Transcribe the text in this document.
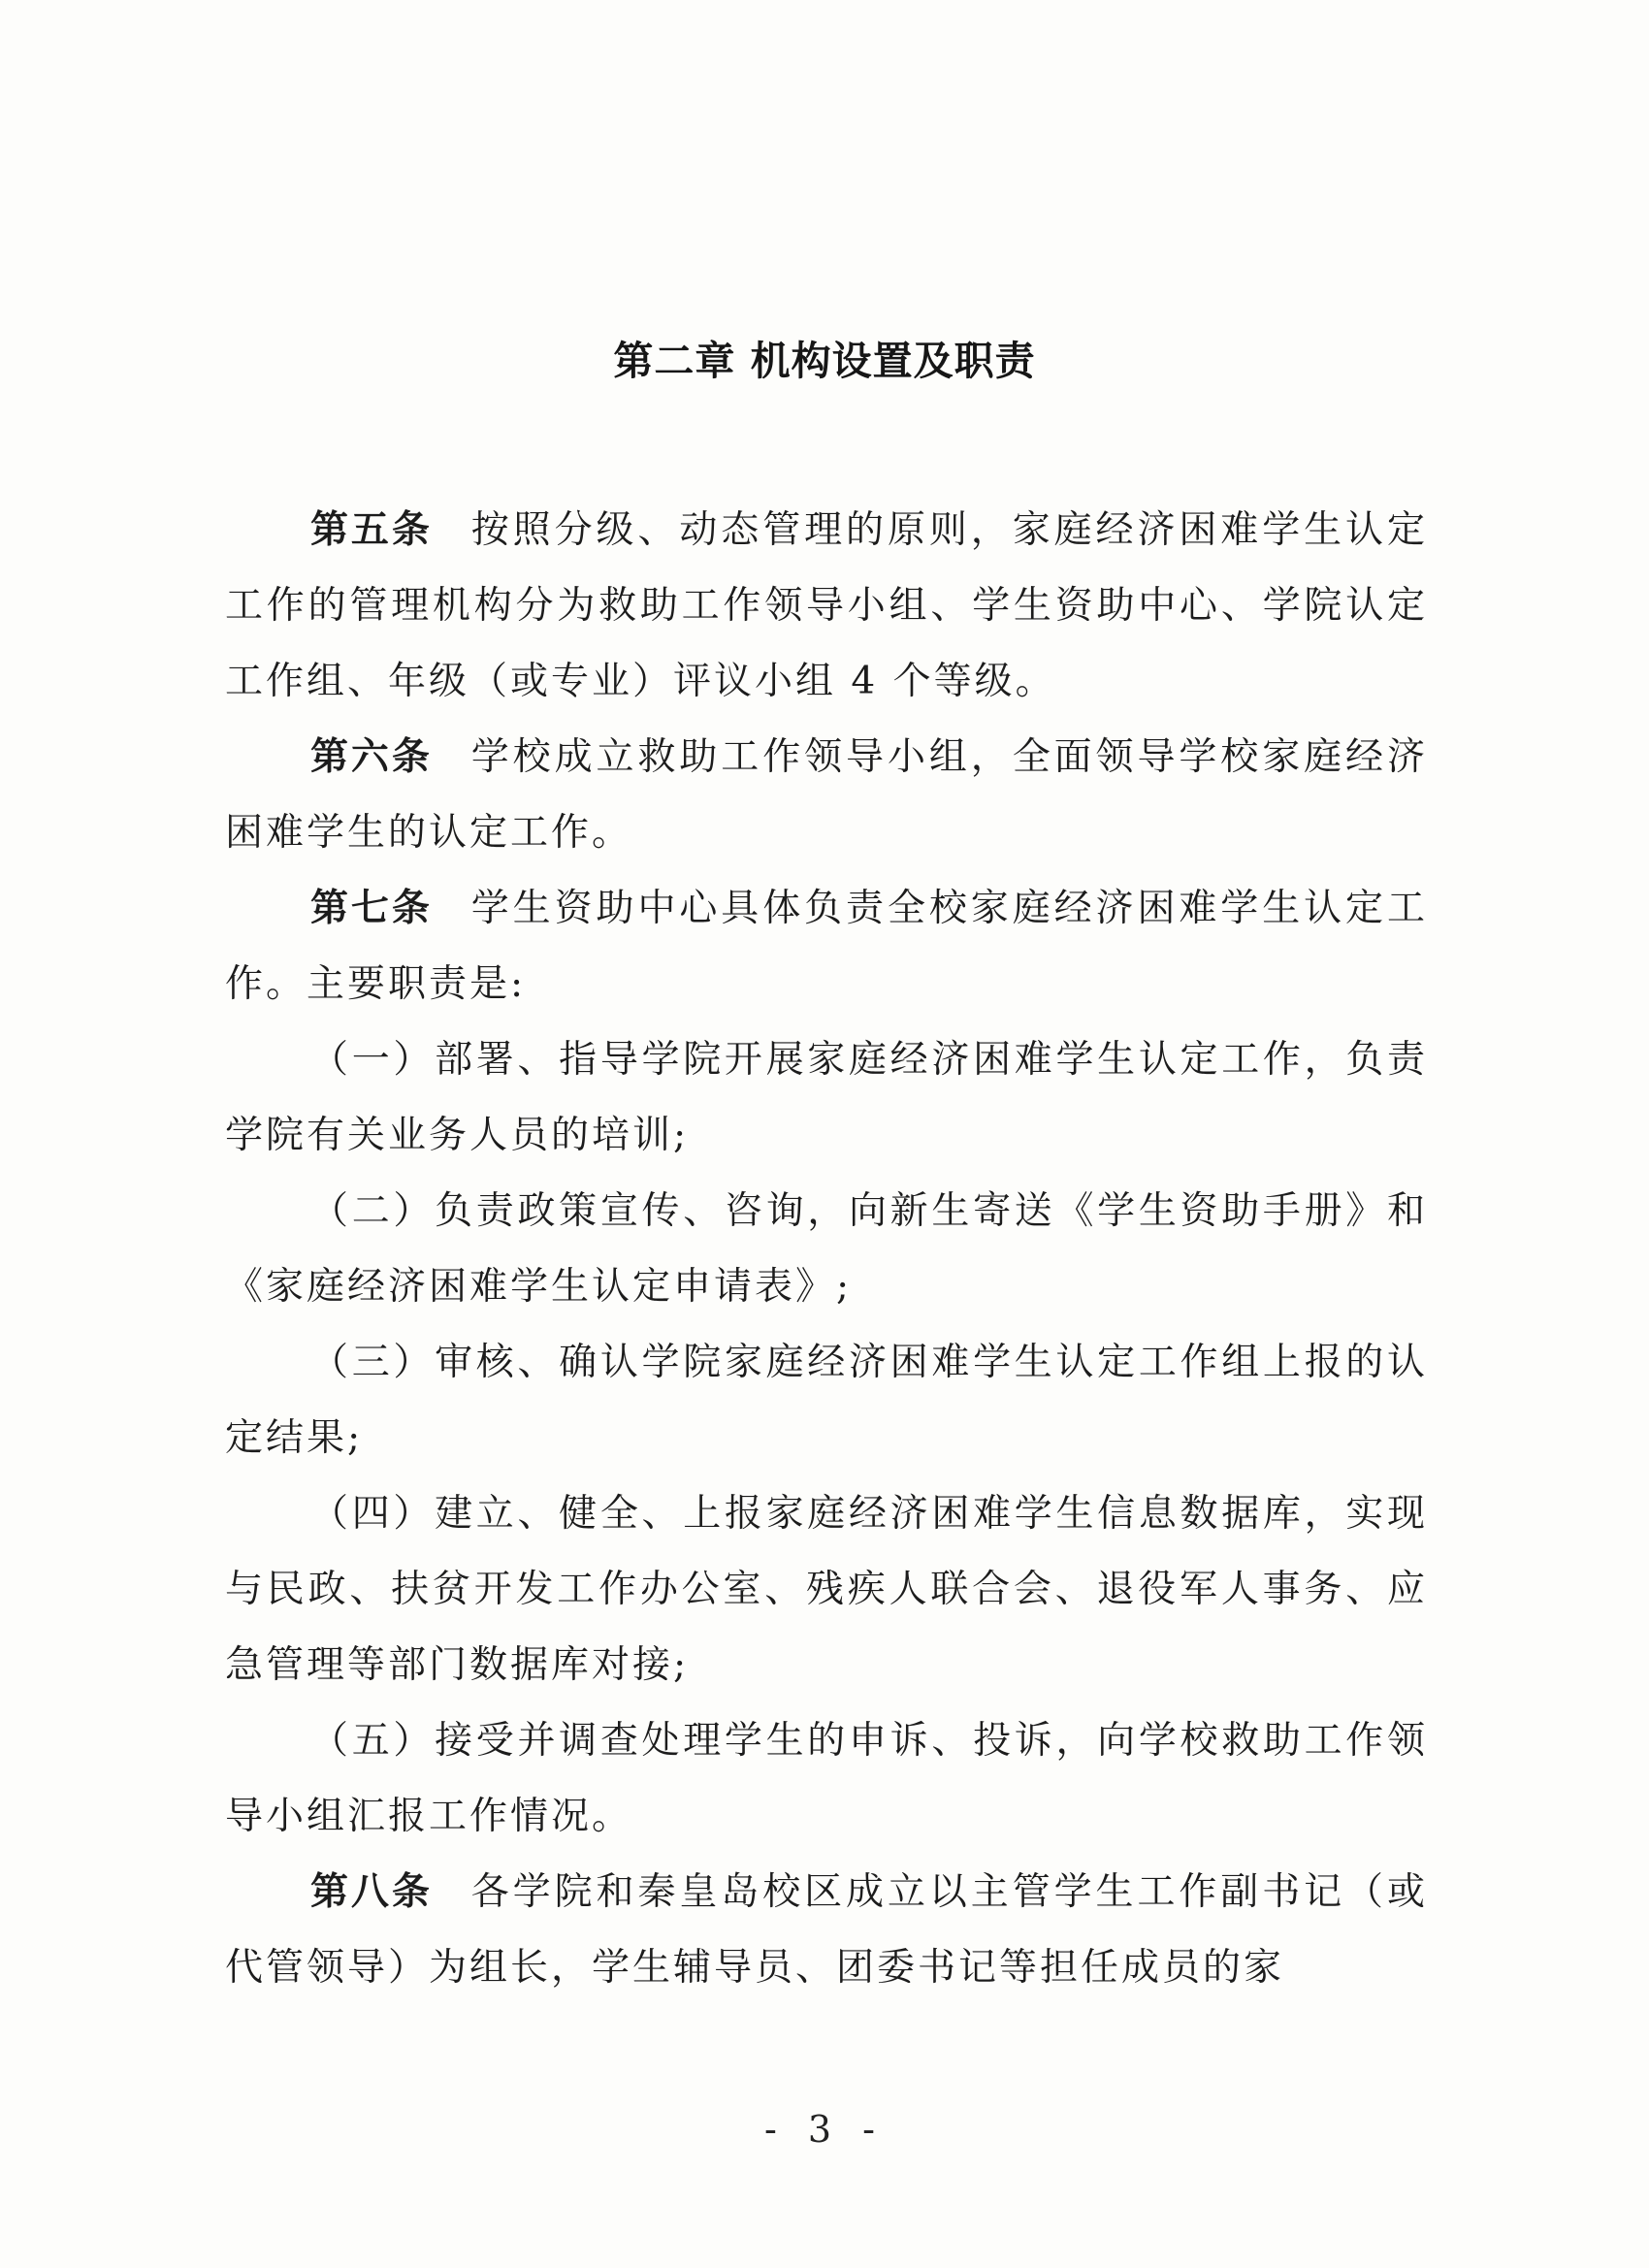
第二章 机构设置及职责

第五条 按照分级、动态管理的原则，家庭经济困难学生认定工作的管理机构分为救助工作领导小组、学生资助中心、学院认定工作组、年级（或专业）评议小组 4 个等级。

第六条 学校成立救助工作领导小组，全面领导学校家庭经济困难学生的认定工作。

第七条 学生资助中心具体负责全校家庭经济困难学生认定工作。主要职责是:

（一）部署、指导学院开展家庭经济困难学生认定工作，负责学院有关业务人员的培训;

（二）负责政策宣传、咨询，向新生寄送《学生资助手册》和《家庭经济困难学生认定申请表》;

（三）审核、确认学院家庭经济困难学生认定工作组上报的认定结果;

（四）建立、健全、上报家庭经济困难学生信息数据库，实现与民政、扶贫开发工作办公室、残疾人联合会、退役军人事务、应急管理等部门数据库对接;

（五）接受并调查处理学生的申诉、投诉，向学校救助工作领导小组汇报工作情况。

第八条 各学院和秦皇岛校区成立以主管学生工作副书记（或代管领导）为组长，学生辅导员、团委书记等担任成员的家

- 3 -
